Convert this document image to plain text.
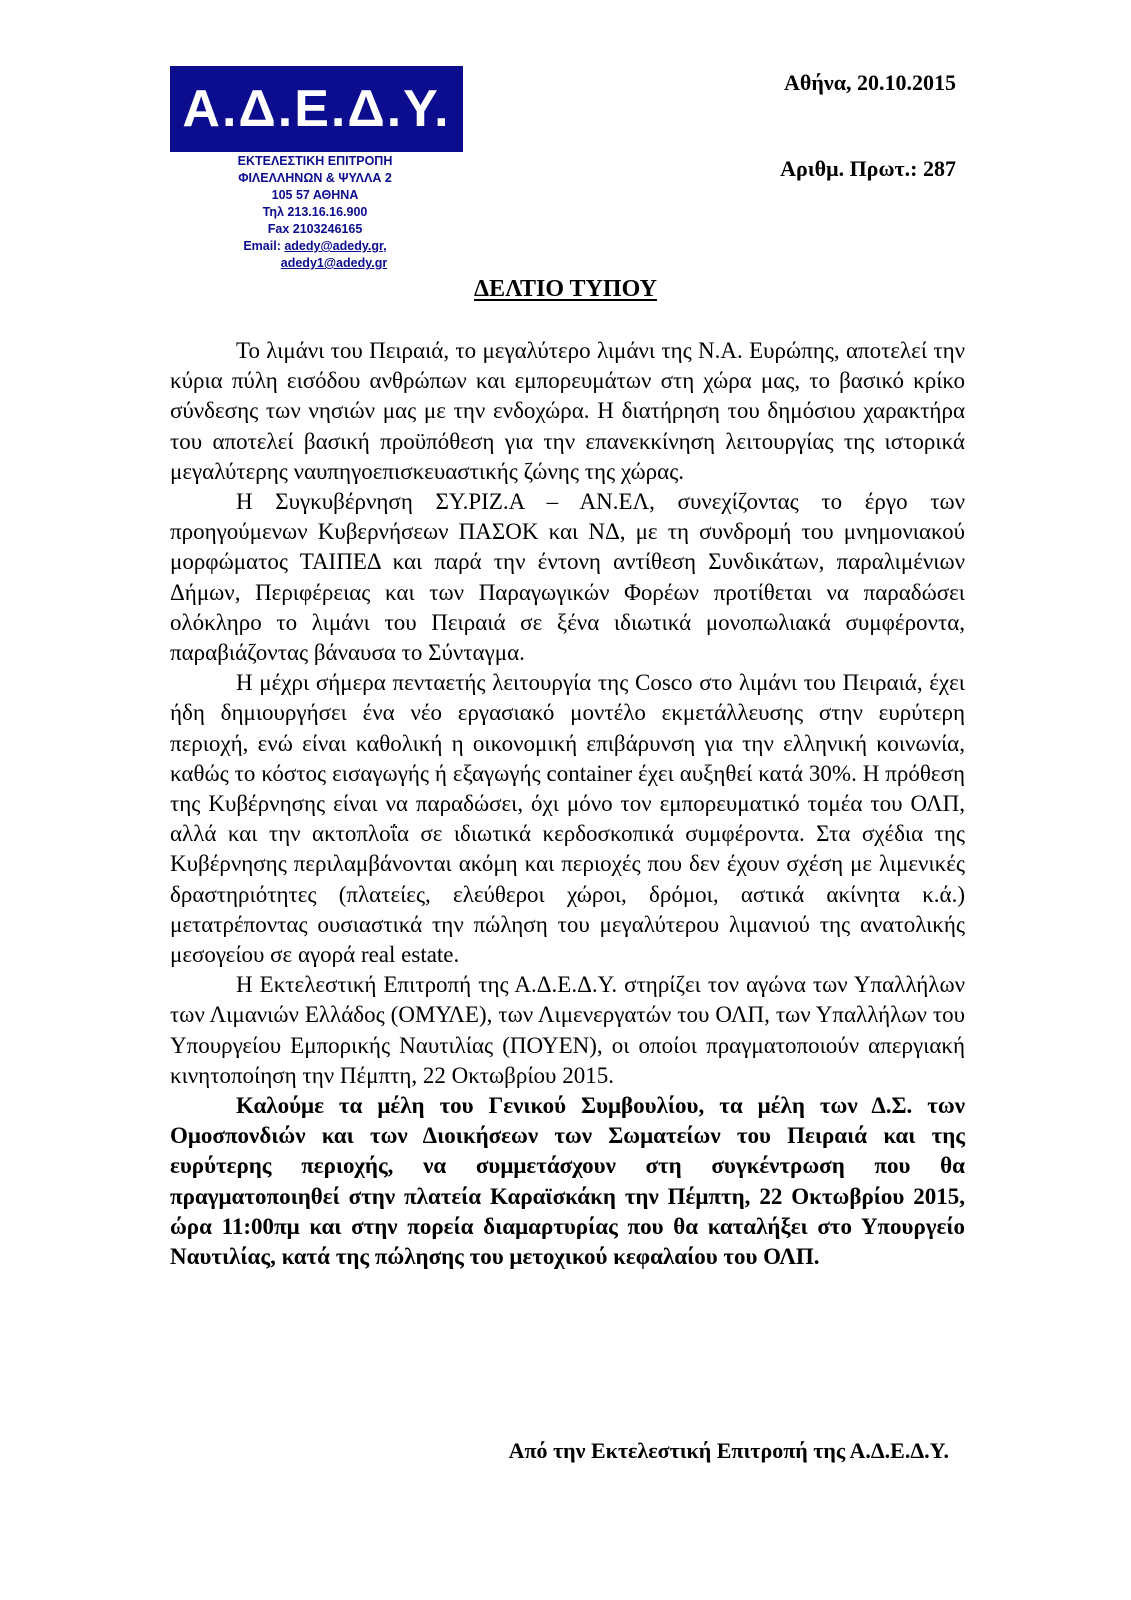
Α.Δ.Ε.Δ.Υ.
ΕΚΤΕΛΕΣΤΙΚΗ ΕΠΙΤΡΟΠΗ
ΦΙΛΕΛΛΗΝΩΝ & ΨΥΛΛΑ 2
105 57 ΑΘΗΝΑ
Τηλ 213.16.16.900
Fax 2103246165
Email: adedy@adedy.gr,
adedy1@adedy.gr
Αθήνα, 20.10.2015
Αριθμ. Πρωτ.: 287
ΔΕΛΤΙΟ ΤΥΠΟΥ

Το λιμάνι του Πειραιά, το μεγαλύτερο λιμάνι της Ν.Α. Ευρώπης, αποτελεί την κύρια πύλη εισόδου ανθρώπων και εμπορευμάτων στη χώρα μας, το βασικό κρίκο σύνδεσης των νησιών μας με την ενδοχώρα. Η διατήρηση του δημόσιου χαρακτήρα του αποτελεί βασική προϋπόθεση για την επανεκκίνηση λειτουργίας της ιστορικά μεγαλύτερης ναυπηγοεπισκευαστικής ζώνης της χώρας.

Η Συγκυβέρνηση ΣΥ.ΡΙΖ.Α – ΑΝ.ΕΛ, συνεχίζοντας το έργο των προηγούμενων Κυβερνήσεων ΠΑΣΟΚ και ΝΔ, με τη συνδρομή του μνημονιακού μορφώματος ΤΑΙΠΕΔ και παρά την έντονη αντίθεση Συνδικάτων, παραλιμένιων Δήμων, Περιφέρειας και των Παραγωγικών Φορέων προτίθεται να παραδώσει ολόκληρο το λιμάνι του Πειραιά σε ξένα ιδιωτικά μονοπωλιακά συμφέροντα, παραβιάζοντας βάναυσα το Σύνταγμα.

Η μέχρι σήμερα πενταετής λειτουργία της Cosco στο λιμάνι του Πειραιά, έχει ήδη δημιουργήσει ένα νέο εργασιακό μοντέλο εκμετάλλευσης στην ευρύτερη περιοχή, ενώ είναι καθολική η οικονομική επιβάρυνση για την ελληνική κοινωνία, καθώς το κόστος εισαγωγής ή εξαγωγής container έχει αυξηθεί κατά 30%. Η πρόθεση της Κυβέρνησης είναι να παραδώσει, όχι μόνο τον εμπορευματικό τομέα του ΟΛΠ, αλλά και την ακτοπλοΐα σε ιδιωτικά κερδοσκοπικά συμφέροντα. Στα σχέδια της Κυβέρνησης περιλαμβάνονται ακόμη και περιοχές που δεν έχουν σχέση με λιμενικές δραστηριότητες (πλατείες, ελεύθεροι χώροι, δρόμοι, αστικά ακίνητα κ.ά.) μετατρέποντας ουσιαστικά την πώληση του μεγαλύτερου λιμανιού της ανατολικής μεσογείου σε αγορά real estate.

Η Εκτελεστική Επιτροπή της Α.Δ.Ε.Δ.Υ. στηρίζει τον αγώνα των Υπαλλήλων των Λιμανιών Ελλάδος (ΟΜΥΛΕ), των Λιμενεργατών του ΟΛΠ, των Υπαλλήλων του Υπουργείου Εμπορικής Ναυτιλίας (ΠΟΥΕΝ), οι οποίοι πραγματοποιούν απεργιακή κινητοποίηση την Πέμπτη, 22 Οκτωβρίου 2015.

Καλούμε τα μέλη του Γενικού Συμβουλίου, τα μέλη των Δ.Σ. των Ομοσπονδιών και των Διοικήσεων των Σωματείων του Πειραιά και της ευρύτερης περιοχής, να συμμετάσχουν στη συγκέντρωση που θα πραγματοποιηθεί στην πλατεία Καραϊσκάκη την Πέμπτη, 22 Οκτωβρίου 2015, ώρα 11:00πμ και στην πορεία διαμαρτυρίας που θα καταλήξει στο Υπουργείο Ναυτιλίας, κατά της πώλησης του μετοχικού κεφαλαίου του ΟΛΠ.

Από την Εκτελεστική Επιτροπή της Α.Δ.Ε.Δ.Υ.
